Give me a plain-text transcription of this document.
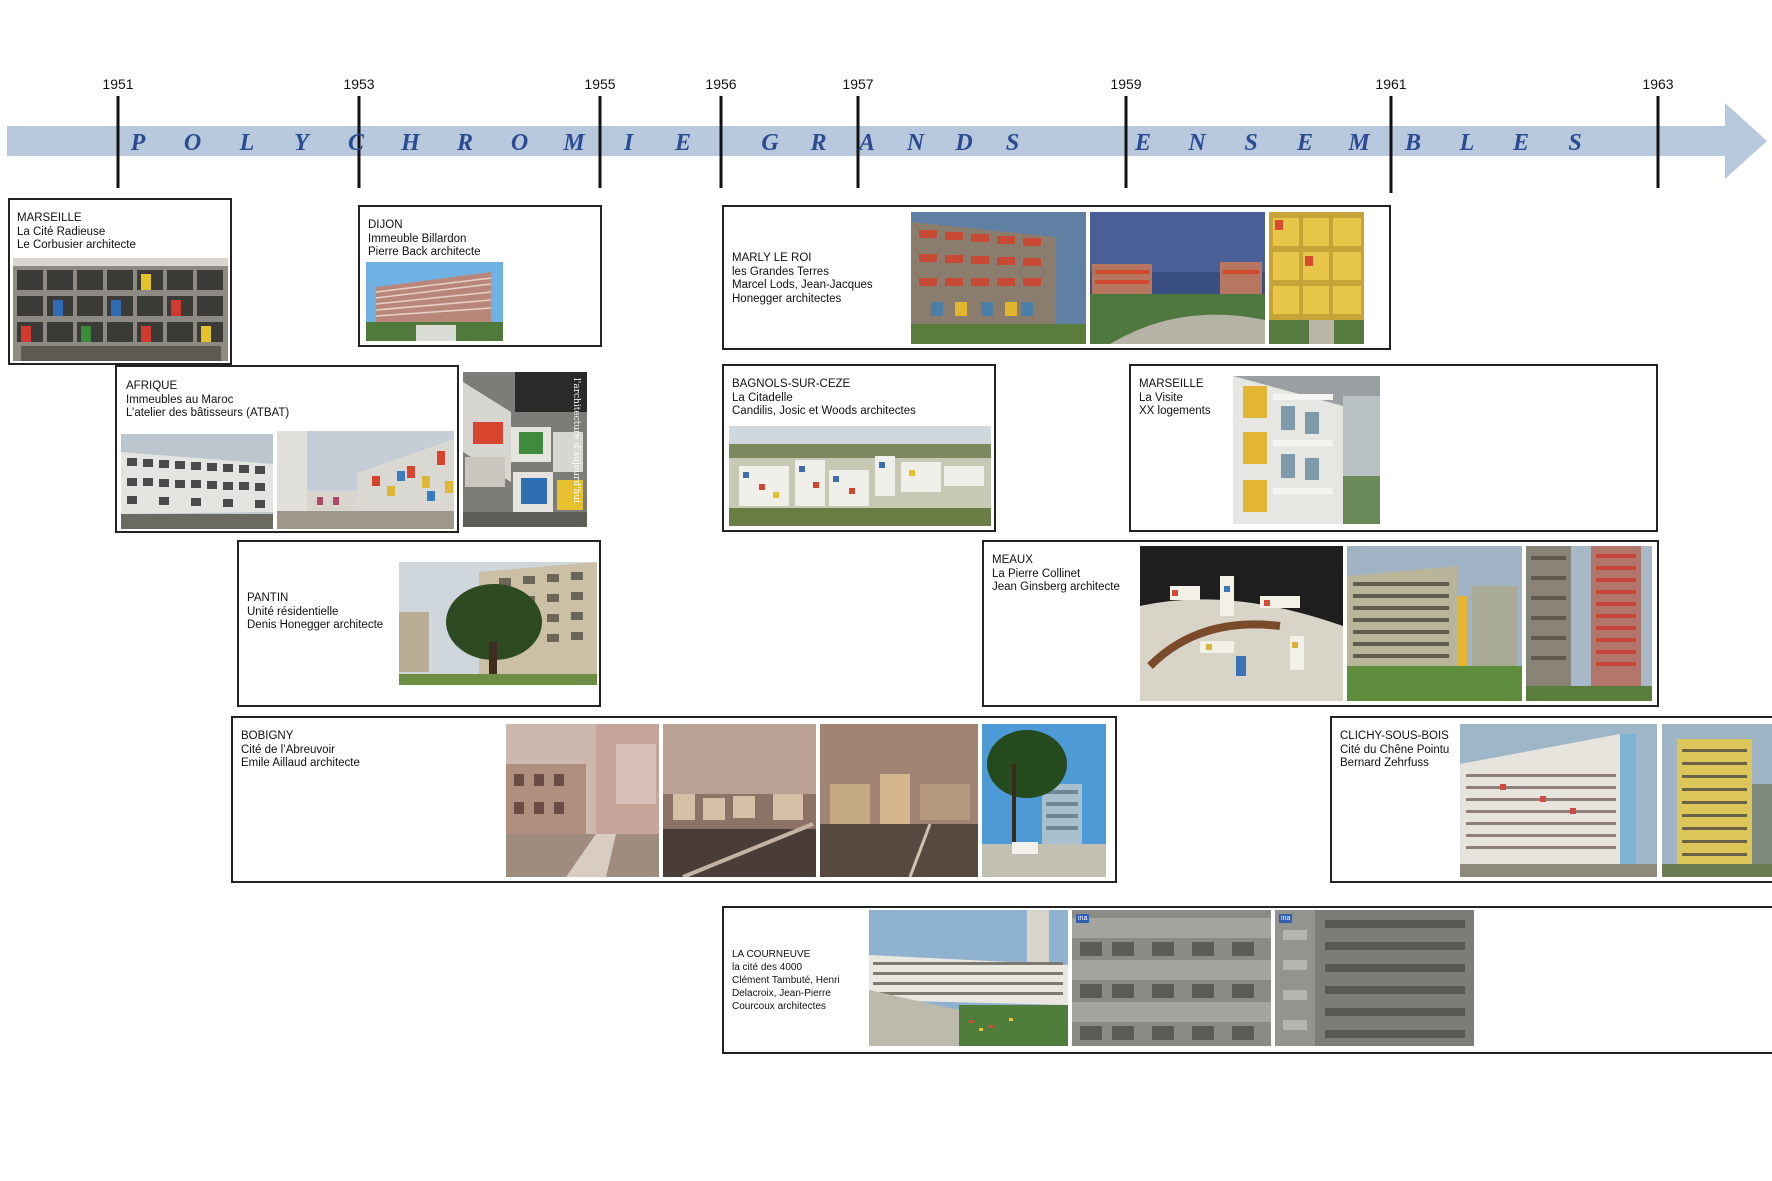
P O L Y C H R O M I E	G R A N D S	E N S E M B L E S
1951	1953	1955	1956	1957	1959	1961	1963
MARSEILLE
La Cité Radieuse
Le Corbusier architecte
DIJON
Immeuble Billardon
Pierre Back architecte	MARLY LE ROI
les Grandes Terres
Marcel Lods, Jean-Jacques
Honegger architectes
AFRIQUE
Immeubles au Maroc
L’atelier des bâtisseurs (ATBAT)	l'architecture d'aujourd'hui	BAGNOLS-SUR-CEZE
La Citadelle
Candilis, Josic et Woods architectes
MARSEILLE
La Visite
XX logements
PANTIN
Unité résidentielle
Denis Honegger architecte
MEAUX
La Pierre Collinet
Jean Ginsberg architecte
BOBIGNY
Cité de l’Abreuvoir
Emile Aillaud architecte
CLICHY-SOUS-BOIS
Cité du Chêne Pointu
Bernard Zehrfuss
LA COURNEUVE
la cité des 4000
Clément Tambuté, Henri
Delacroix, Jean-Pierre
Courcoux architectes
ina	ina
